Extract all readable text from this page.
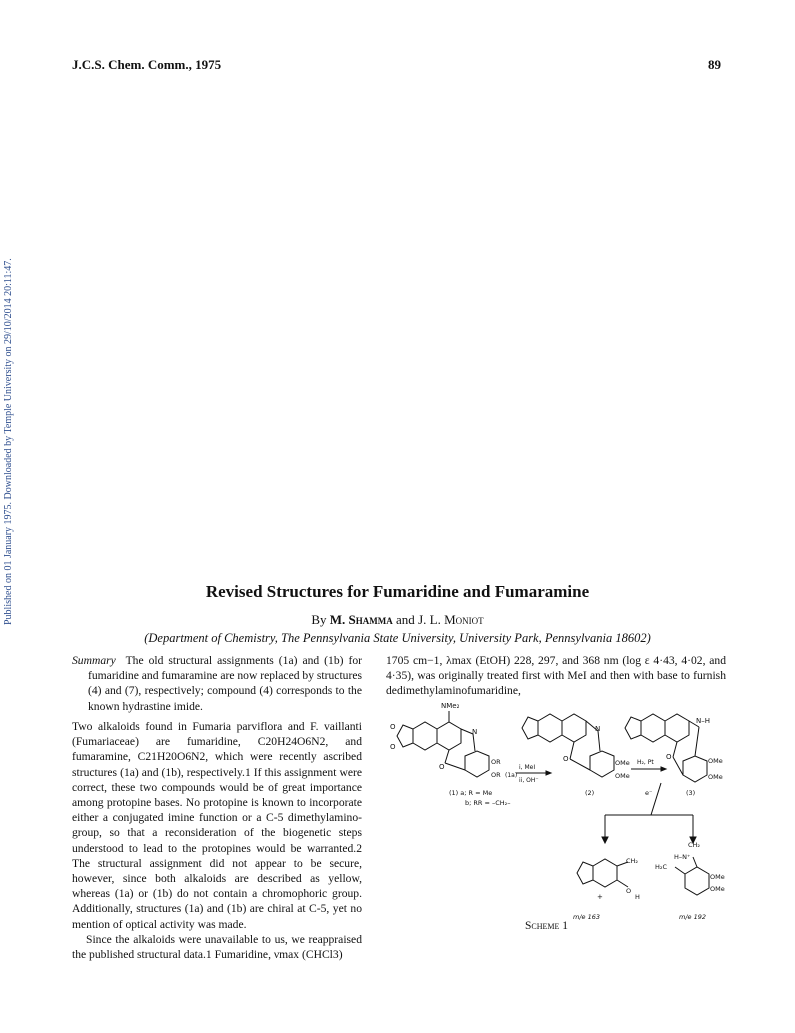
J.C.S. Chem. Comm., 1975	89
Published on 01 January 1975. Downloaded by Temple University on 29/10/2014 20:11:47.	Revised Structures for Fumaridine and Fumaramine
By M. Shamma and J. L. Moniot
(Department of Chemistry, The Pennsylvania State University, University Park, Pennsylvania 18602)
Summary The old structural assignments (1a) and (1b) for fumaridine and fumaramine are now replaced by structures (4) and (7), respectively; compound (4) corresponds to the known hydrastine imide.

Two alkaloids found in Fumaria parviflora and F. vaillanti (Fumariaceae) are fumaridine, C20H24O6N2, and fumaramine, C21H20O6N2, which were recently ascribed structures (1a) and (1b), respectively.1 If this assignment were correct, these two compounds would be of great importance among protopine bases. No protopine is known to incorporate either a conjugated imine function or a C-5 dimethylamino-group, so that a reconsideration of the biogenetic steps understood to lead to the protopines would be warranted.2 The structural assignment did not appear to be secure, however, since both alkaloids are described as yellow, whereas (1a) or (1b) do not contain a chromophoric group. Additionally, structures (1a) and (1b) are chiral at C-5, yet no mention of optical activity was made.

Since the alkaloids were unavailable to us, we reappraised the published structural data.1 Fumaridine, νmax (CHCl3)

1705 cm−1, λmax (EtOH) 228, 297, and 368 nm (log ε 4·43, 4·02, and 4·35), was originally treated first with MeI and then with base to furnish dedimethylaminofumaridine,
NMe₂
O
O
O
N
OR
OR
(1) a; R = Me
b; RR = –CH₂–
(1a)
i, MeI
ii, OH⁻
N
O	OMe
OMe
(2)
H₂, Pt
N–H
O	OMe
OMe
(3)
e⁻
CH₂
O
H
+
m/e 163
CH₂
H–N⁺
H₂C
OMe
OMe
m/e 192
Scheme 1
